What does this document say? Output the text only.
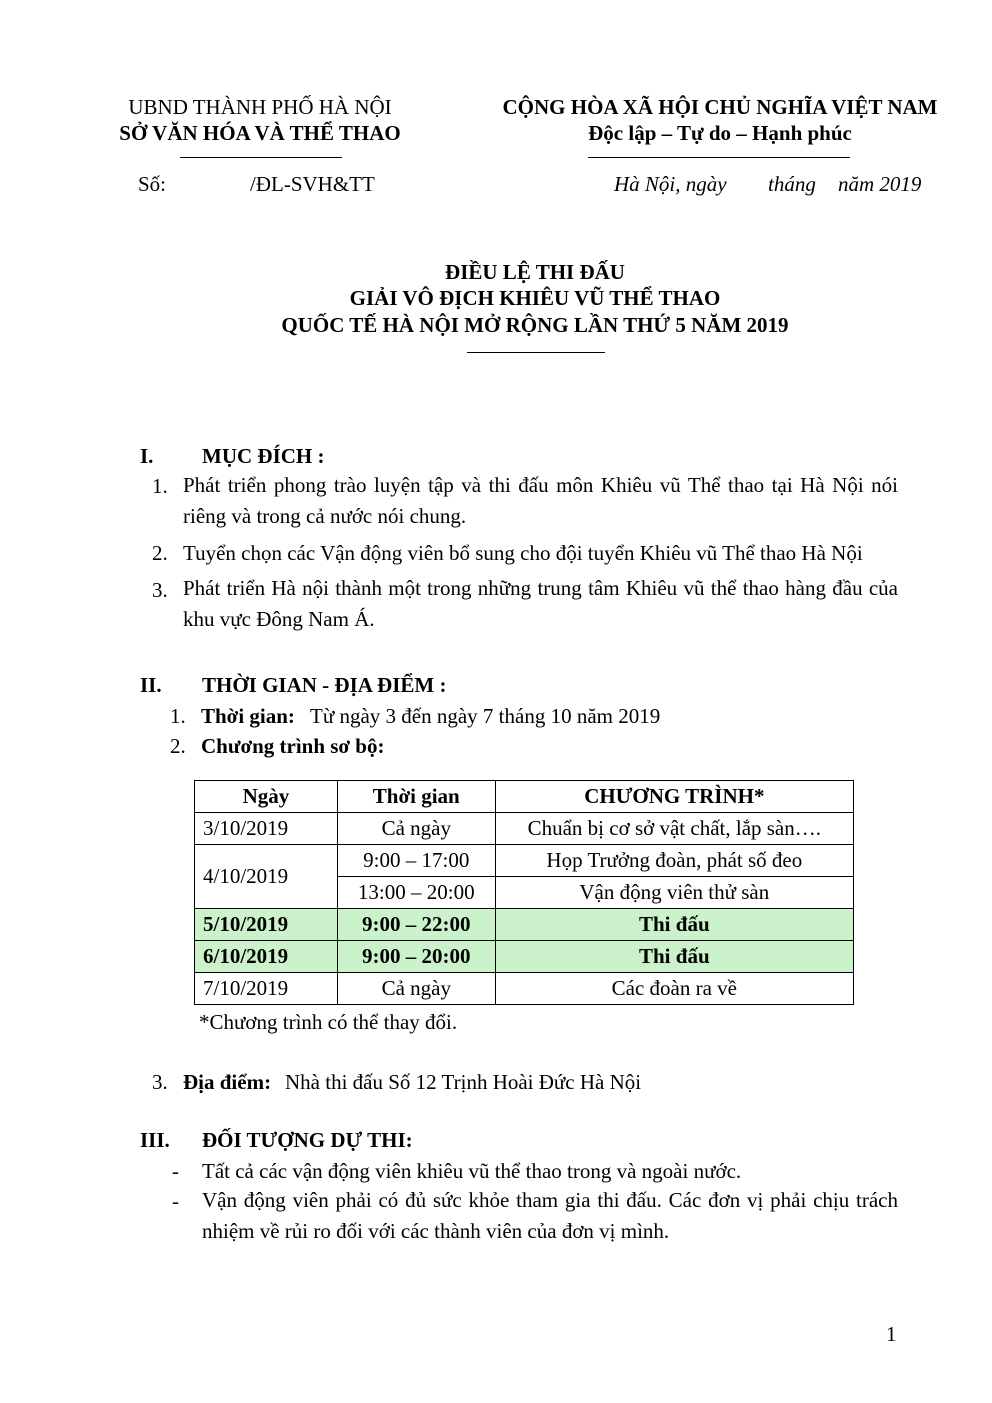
UBND THÀNH PHỐ HÀ NỘI
SỞ VĂN HÓA VÀ THỂ THAO
CỘNG HÒA XÃ HỘI CHỦ NGHĨA VIỆT NAM
Độc lập – Tự do – Hạnh phúc
Số:	/ĐL-SVH&TT	Hà Nội, ngày tháng năm 2019
ĐIỀU LỆ THI ĐẤU
GIẢI VÔ ĐỊCH KHIÊU VŨ THỂ THAO
QUỐC TẾ HÀ NỘI MỞ RỘNG LẦN THỨ 5 NĂM 2019
I. MỤC ĐÍCH :
1. Phát triển phong trào luyện tập và thi đấu môn Khiêu vũ Thể thao tại Hà Nội nói riêng và trong cả nước nói chung.
2. Tuyển chọn các Vận động viên bổ sung cho đội tuyển Khiêu vũ Thể thao Hà Nội
3. Phát triển Hà nội thành một trong những trung tâm Khiêu vũ thể thao hàng đầu của khu vực Đông Nam Á.
II. THỜI GIAN - ĐỊA ĐIỂM :
1. Thời gian: Từ ngày 3 đến ngày 7 tháng 10 năm 2019
2. Chương trình sơ bộ:
Ngày	Thời gian	CHƯƠNG TRÌNH*
3/10/2019	Cả ngày	Chuẩn bị cơ sở vật chất, lắp sàn….
4/10/2019	9:00 – 17:00	Họp Trưởng đoàn, phát số đeo
	13:00 – 20:00	Vận động viên thử sàn
5/10/2019	9:00 – 22:00	Thi đấu
6/10/2019	9:00 – 20:00	Thi đấu
7/10/2019	Cả ngày	Các đoàn ra về
*Chương trình có thể thay đổi.
3. Địa điểm: Nhà thi đấu Số 12 Trịnh Hoài Đức Hà Nội
III. ĐỐI TƯỢNG DỰ THI:
- Tất cả các vận động viên khiêu vũ thể thao trong và ngoài nước.
- Vận động viên phải có đủ sức khỏe tham gia thi đấu. Các đơn vị phải chịu trách nhiệm về rủi ro đối với các thành viên của đơn vị mình.
1
